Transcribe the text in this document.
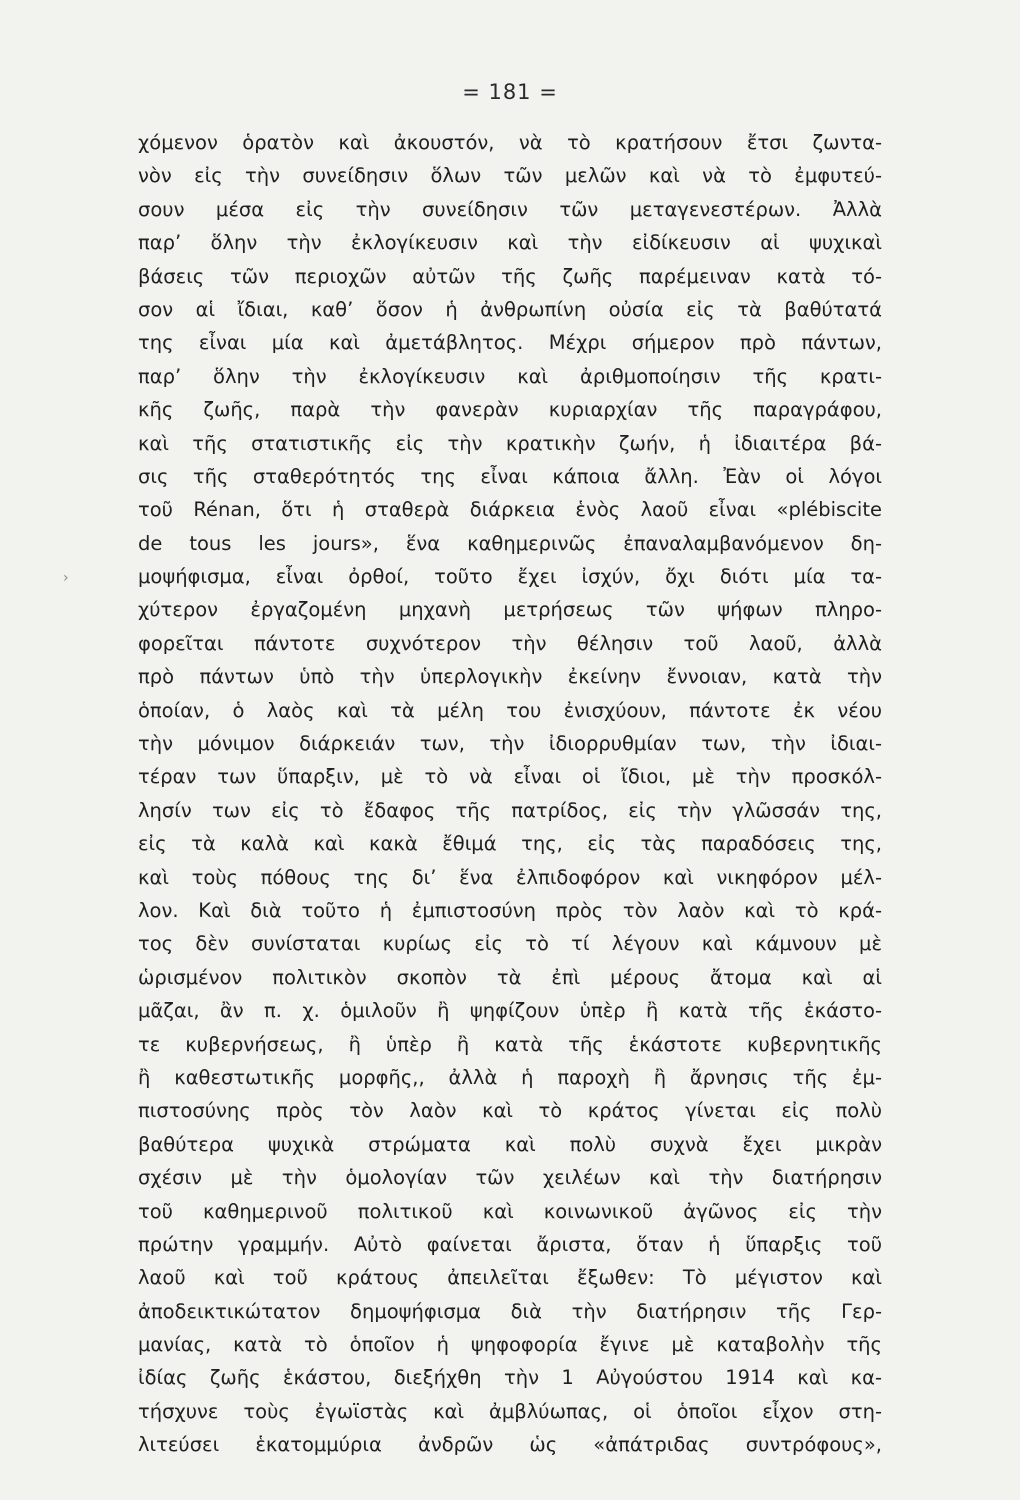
= 181 =
›
χόμενον ὁρατὸν καὶ ἀκουστόν, νὰ τὸ κρατήσουν ἔτσι ζωντα-
νὸν εἰς τὴν συνείδησιν ὅλων τῶν μελῶν καὶ νὰ τὸ ἐμφυτεύ-
σουν μέσα εἰς τὴν συνείδησιν τῶν μεταγενεστέρων. Ἀλλὰ
παρ’ ὅλην τὴν ἐκλογίκευσιν καὶ τὴν εἰδίκευσιν αἱ ψυχικαὶ
βάσεις τῶν περιοχῶν αὐτῶν τῆς ζωῆς παρέμειναν κατὰ τό-
σον αἱ ἴδιαι, καθ’ ὅσον ἡ ἀνθρωπίνη οὐσία εἰς τὰ βαθύτατά
της εἶναι μία καὶ ἀμετάβλητος. Μέχρι σήμερον πρὸ πάντων,
παρ’ ὅλην τὴν ἐκλογίκευσιν καὶ ἀριθμοποίησιν τῆς κρατι-
κῆς ζωῆς, παρὰ τὴν φανερὰν κυριαρχίαν τῆς παραγράφου,
καὶ τῆς στατιστικῆς εἰς τὴν κρατικὴν ζωήν, ἡ ἰδιαιτέρα βά-
σις τῆς σταθερότητός της εἶναι κάποια ἄλλη. Ἐὰν οἱ λόγοι
τοῦ Rénan, ὅτι ἡ σταθερὰ διάρκεια ἑνὸς λαοῦ εἶναι «plébiscite
de tous les jours», ἕνα καθημερινῶς ἐπαναλαμβανόμενον δη-
μοψήφισμα, εἶναι ὀρθοί, τοῦτο ἔχει ἰσχύν, ὄχι διότι μία τα-
χύτερον ἐργαζομένη μηχανὴ μετρήσεως τῶν ψήφων πληρο-
φορεῖται πάντοτε συχνότερον τὴν θέλησιν τοῦ λαοῦ, ἀλλὰ
πρὸ πάντων ὑπὸ τὴν ὑπερλογικὴν ἐκείνην ἔννοιαν, κατὰ τὴν
ὁποίαν, ὁ λαὸς καὶ τὰ μέλη του ἐνισχύουν, πάντοτε ἐκ νέου
τὴν μόνιμον διάρκειάν των, τὴν ἰδιορρυθμίαν των, τὴν ἰδιαι-
τέραν των ὕπαρξιν, μὲ τὸ νὰ εἶναι οἱ ἴδιοι, μὲ τὴν προσκόλ-
λησίν των εἰς τὸ ἔδαφος τῆς πατρίδος, εἰς τὴν γλῶσσάν της,
εἰς τὰ καλὰ καὶ κακὰ ἔθιμά της, εἰς τὰς παραδόσεις της,
καὶ τοὺς πόθους της δι’ ἕνα ἐλπιδοφόρον καὶ νικηφόρον μέλ-
λον. Καὶ διὰ τοῦτο ἡ ἐμπιστοσύνη πρὸς τὸν λαὸν καὶ τὸ κρά-
τος δὲν συνίσταται κυρίως εἰς τὸ τί λέγουν καὶ κάμνουν μὲ
ὡρισμένον πολιτικὸν σκοπὸν τὰ ἐπὶ μέρους ἄτομα καὶ αἱ
μᾶζαι, ἂν π. χ. ὁμιλοῦν ἢ ψηφίζουν ὑπὲρ ἢ κατὰ τῆς ἑκάστο-
τε κυβερνήσεως, ἢ ὑπὲρ ἢ κατὰ τῆς ἑκάστοτε κυβερνητικῆς
ἢ καθεστωτικῆς μορφῆς,, ἀλλὰ ἡ παροχὴ ἢ ἄρνησις τῆς ἐμ-
πιστοσύνης πρὸς τὸν λαὸν καὶ τὸ κράτος γίνεται εἰς πολὺ
βαθύτερα ψυχικὰ στρώματα καὶ πολὺ συχνὰ ἔχει μικρὰν
σχέσιν μὲ τὴν ὁμολογίαν τῶν χειλέων καὶ τὴν διατήρησιν
τοῦ καθημερινοῦ πολιτικοῦ καὶ κοινωνικοῦ ἀγῶνος εἰς τὴν
πρώτην γραμμήν. Αὐτὸ φαίνεται ἄριστα, ὅταν ἡ ὕπαρξις τοῦ
λαοῦ καὶ τοῦ κράτους ἀπειλεῖται ἔξωθεν: Τὸ μέγιστον καὶ
ἀποδεικτικώτατον δημοψήφισμα διὰ τὴν διατήρησιν τῆς Γερ-
μανίας, κατὰ τὸ ὁποῖον ἡ ψηφοφορία ἔγινε μὲ καταβολὴν τῆς
ἰδίας ζωῆς ἑκάστου, διεξήχθη τὴν 1 Αὐγούστου 1914 καὶ κα-
τήσχυνε τοὺς ἐγωϊστὰς καὶ ἀμβλύωπας, οἱ ὁποῖοι εἶχον στη-
λιτεύσει ἑκατομμύρια ἀνδρῶν ὡς «ἀπάτριδας συντρόφους»,
